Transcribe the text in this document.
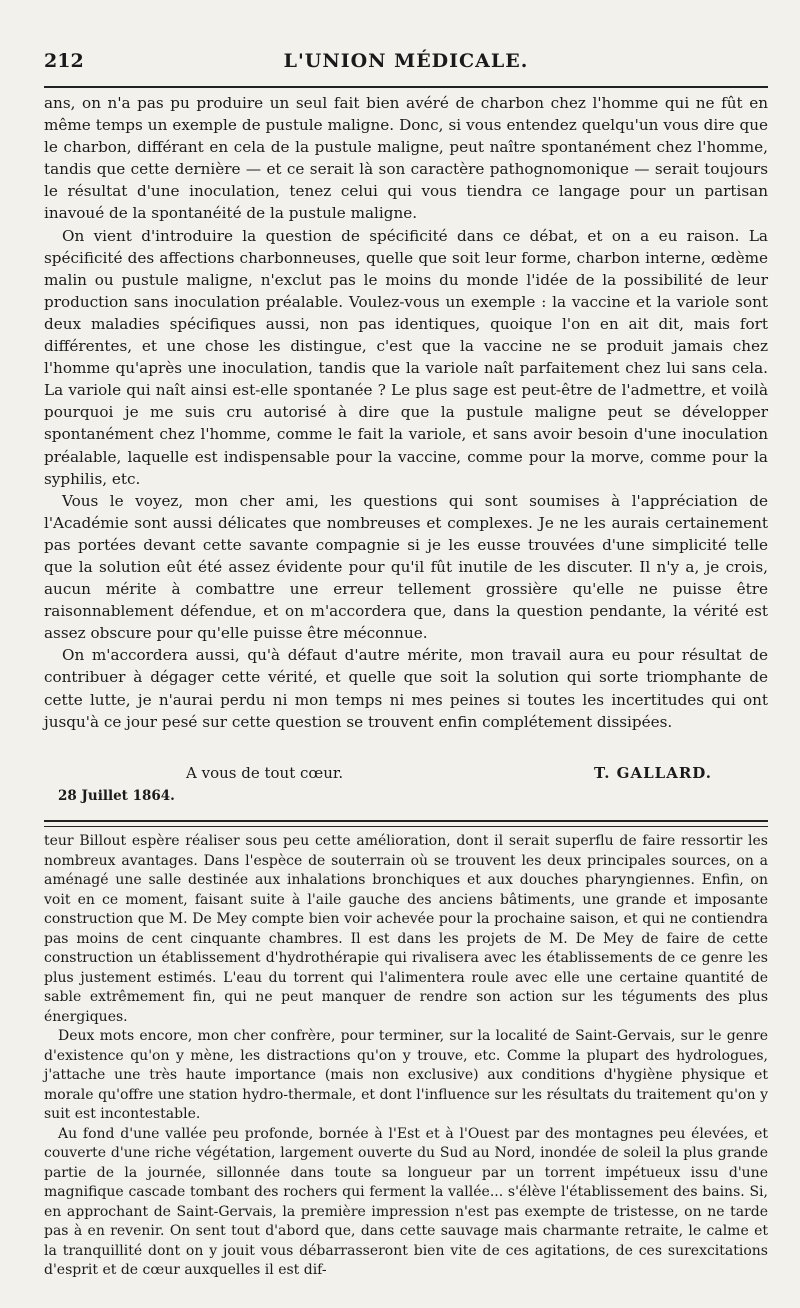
212	L'UNION MÉDICALE.

ans, on n'a pas pu produire un seul fait bien avéré de charbon chez l'homme qui ne fût en même temps un exemple de pustule maligne. Donc, si vous entendez quelqu'un vous dire que le charbon, différant en cela de la pustule maligne, peut naître spontanément chez l'homme, tandis que cette dernière — et ce serait là son caractère pathognomonique — serait toujours le résultat d'une inoculation, tenez celui qui vous tiendra ce langage pour un partisan inavoué de la spontanéité de la pustule maligne.

On vient d'introduire la question de spécificité dans ce débat, et on a eu raison. La spécificité des affections charbonneuses, quelle que soit leur forme, charbon interne, œdème malin ou pustule maligne, n'exclut pas le moins du monde l'idée de la possibilité de leur production sans inoculation préalable. Voulez-vous un exemple : la vaccine et la variole sont deux maladies spécifiques aussi, non pas identiques, quoique l'on en ait dit, mais fort différentes, et une chose les distingue, c'est que la vaccine ne se produit jamais chez l'homme qu'après une inoculation, tandis que la variole naît parfaitement chez lui sans cela. La variole qui naît ainsi est-elle spontanée ? Le plus sage est peut-être de l'admettre, et voilà pourquoi je me suis cru autorisé à dire que la pustule maligne peut se développer spontanément chez l'homme, comme le fait la variole, et sans avoir besoin d'une inoculation préalable, laquelle est indispensable pour la vaccine, comme pour la morve, comme pour la syphilis, etc.

Vous le voyez, mon cher ami, les questions qui sont soumises à l'appréciation de l'Académie sont aussi délicates que nombreuses et complexes. Je ne les aurais certainement pas portées devant cette savante compagnie si je les eusse trouvées d'une simplicité telle que la solution eût été assez évidente pour qu'il fût inutile de les discuter. Il n'y a, je crois, aucun mérite à combattre une erreur tellement grossière qu'elle ne puisse être raisonnablement défendue, et on m'accordera que, dans la question pendante, la vérité est assez obscure pour qu'elle puisse être méconnue.

On m'accordera aussi, qu'à défaut d'autre mérite, mon travail aura eu pour résultat de contribuer à dégager cette vérité, et quelle que soit la solution qui sorte triomphante de cette lutte, je n'aurai perdu ni mon temps ni mes peines si toutes les incertitudes qui ont jusqu'à ce jour pesé sur cette question se trouvent enfin complétement dissipées.

A vous de tout cœur.	T. GALLARD.
28 Juillet 1864.

teur Billout espère réaliser sous peu cette amélioration, dont il serait superflu de faire ressortir les nombreux avantages. Dans l'espèce de souterrain où se trouvent les deux principales sources, on a aménagé une salle destinée aux inhalations bronchiques et aux douches pharyngiennes. Enfin, on voit en ce moment, faisant suite à l'aile gauche des anciens bâtiments, une grande et imposante construction que M. De Mey compte bien voir achevée pour la prochaine saison, et qui ne contiendra pas moins de cent cinquante chambres. Il est dans les projets de M. De Mey de faire de cette construction un établissement d'hydrothérapie qui rivalisera avec les établissements de ce genre les plus justement estimés. L'eau du torrent qui l'alimentera roule avec elle une certaine quantité de sable extrêmement fin, qui ne peut manquer de rendre son action sur les téguments des plus énergiques.

Deux mots encore, mon cher confrère, pour terminer, sur la localité de Saint-Gervais, sur le genre d'existence qu'on y mène, les distractions qu'on y trouve, etc. Comme la plupart des hydrologues, j'attache une très haute importance (mais non exclusive) aux conditions d'hygiène physique et morale qu'offre une station hydro-thermale, et dont l'influence sur les résultats du traitement qu'on y suit est incontestable.

Au fond d'une vallée peu profonde, bornée à l'Est et à l'Ouest par des montagnes peu élevées, et couverte d'une riche végétation, largement ouverte du Sud au Nord, inondée de soleil la plus grande partie de la journée, sillonnée dans toute sa longueur par un torrent impétueux issu d'une magnifique cascade tombant des rochers qui ferment la vallée... s'élève l'établissement des bains. Si, en approchant de Saint-Gervais, la première impression n'est pas exempte de tristesse, on ne tarde pas à en revenir. On sent tout d'abord que, dans cette sauvage mais charmante retraite, le calme et la tranquillité dont on y jouit vous débarrasseront bien vite de ces agitations, de ces surexcitations d'esprit et de cœur auxquelles il est dif-
